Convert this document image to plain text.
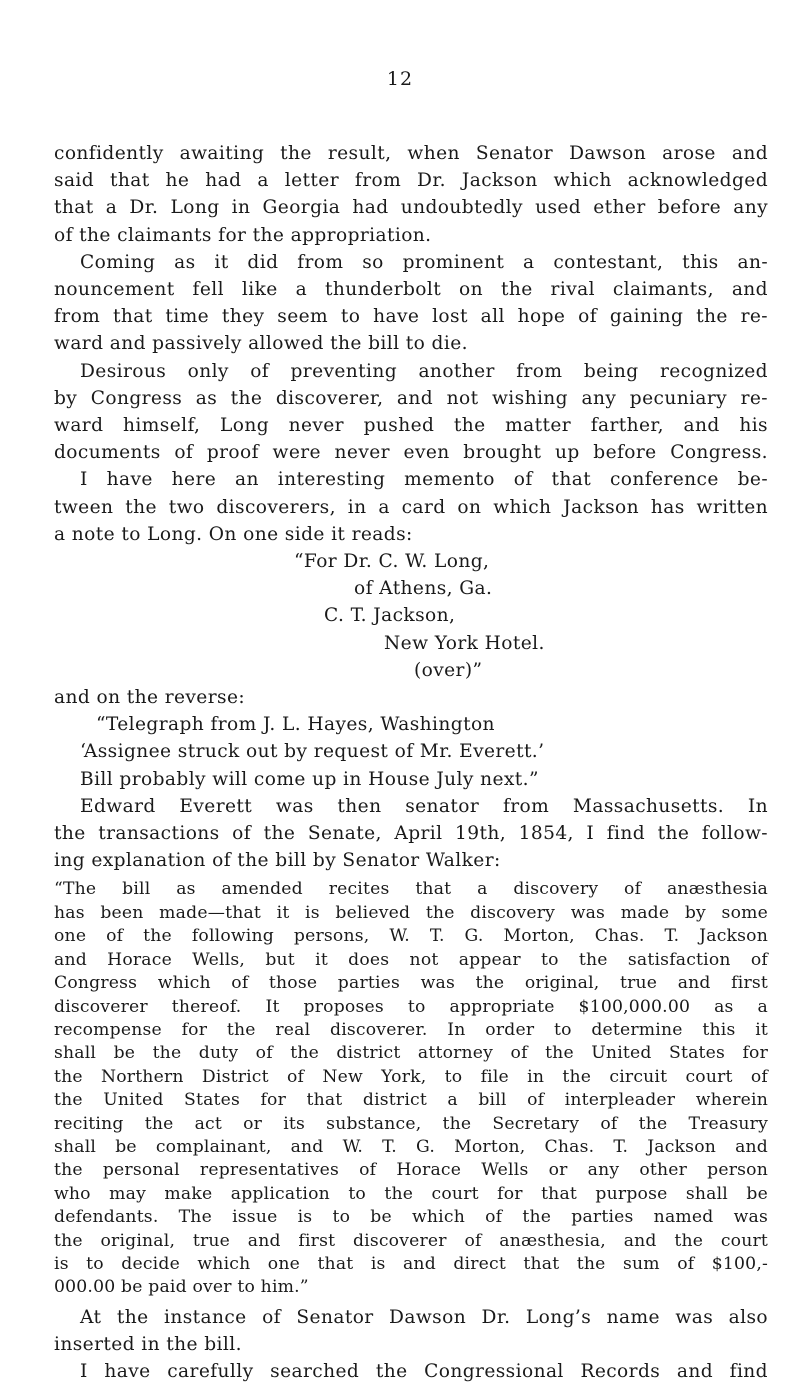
12
confidently awaiting the result, when Senator Dawson arose and
said that he had a letter from Dr. Jackson which acknowledged
that a Dr. Long in Georgia had undoubtedly used ether before any
of the claimants for the appropriation.
Coming as it did from so prominent a contestant, this an-
nouncement fell like a thunderbolt on the rival claimants, and
from that time they seem to have lost all hope of gaining the re-
ward and passively allowed the bill to die.
Desirous only of preventing another from being recognized
by Congress as the discoverer, and not wishing any pecuniary re-
ward himself, Long never pushed the matter farther, and his
documents of proof were never even brought up before Congress.
I have here an interesting memento of that conference be-
tween the two discoverers, in a card on which Jackson has written
a note to Long. On one side it reads:
“For Dr. C. W. Long,
of Athens, Ga.
C. T. Jackson,
New York Hotel.
(over)”
and on the reverse:
“Telegraph from J. L. Hayes, Washington
‘Assignee struck out by request of Mr. Everett.’
Bill probably will come up in House July next.”
Edward Everett was then senator from Massachusetts. In
the transactions of the Senate, April 19th, 1854, I find the follow-
ing explanation of the bill by Senator Walker:
“The bill as amended recites that a discovery of anæsthesia
has been made—that it is believed the discovery was made by some
one of the following persons, W. T. G. Morton, Chas. T. Jackson
and Horace Wells, but it does not appear to the satisfaction of
Congress which of those parties was the original, true and first
discoverer thereof. It proposes to appropriate $100,000.00 as a
recompense for the real discoverer. In order to determine this it
shall be the duty of the district attorney of the United States for
the Northern District of New York, to file in the circuit court of
the United States for that district a bill of interpleader wherein
reciting the act or its substance, the Secretary of the Treasury
shall be complainant, and W. T. G. Morton, Chas. T. Jackson and
the personal representatives of Horace Wells or any other person
who may make application to the court for that purpose shall be
defendants. The issue is to be which of the parties named was
the original, true and first discoverer of anæsthesia, and the court
is to decide which one that is and direct that the sum of $100,-
000.00 be paid over to him.”
At the instance of Senator Dawson Dr. Long’s name was also
inserted in the bill.
I have carefully searched the Congressional Records and find
